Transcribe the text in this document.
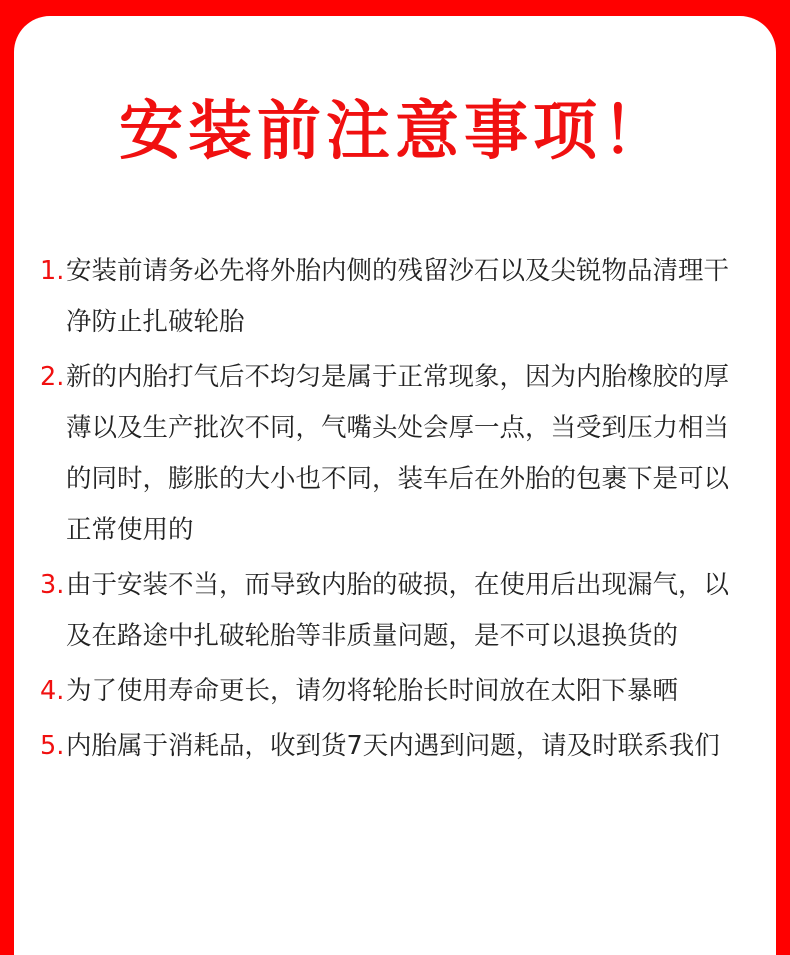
安装前注意事项！
1. 安装前请务必先将外胎内侧的残留沙石以及尖锐物品清理干净防止扎破轮胎
2. 新的内胎打气后不均匀是属于正常现象，因为内胎橡胶的厚薄以及生产批次不同，气嘴头处会厚一点，当受到压力相当的同时，膨胀的大小也不同，装车后在外胎的包裹下是可以正常使用的
3. 由于安装不当，而导致内胎的破损，在使用后出现漏气，以及在路途中扎破轮胎等非质量问题，是不可以退换货的
4. 为了使用寿命更长，请勿将轮胎长时间放在太阳下暴晒
5. 内胎属于消耗品，收到货7天内遇到问题，请及时联系我们
